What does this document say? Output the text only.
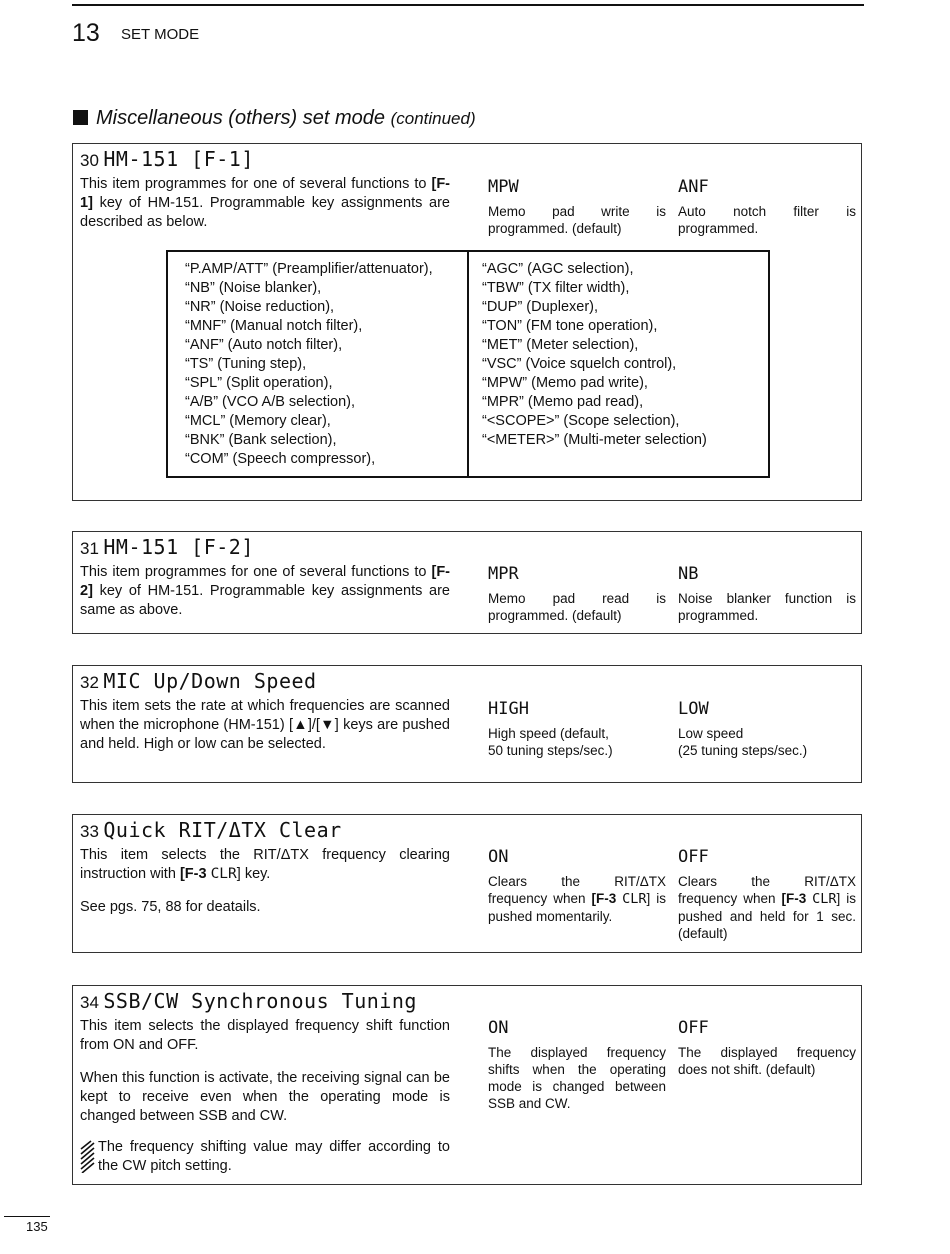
13 SET MODE
Miscellaneous (others) set mode (continued)
30 HM-151 [F-1]

This item programmes for one of several functions to [F-1] key of HM-151. Programmable key assignments are described as below.

MPW
Memo pad write is programmed. (default)
ANF
Auto notch filter is programmed.
“P.AMP/ATT” (Preamplifier/attenuator),
“NB” (Noise blanker),
“NR” (Noise reduction),
“MNF” (Manual notch filter),
“ANF” (Auto notch filter),
“TS” (Tuning step),
“SPL” (Split operation),
“A/B” (VCO A/B selection),
“MCL” (Memory clear),
“BNK” (Bank selection),
“COM” (Speech compressor),
“AGC” (AGC selection),
“TBW” (TX filter width),
“DUP” (Duplexer),
“TON” (FM tone operation),
“MET” (Meter selection),
“VSC” (Voice squelch control),
“MPW” (Memo pad write),
“MPR” (Memo pad read),
“<SCOPE>” (Scope selection),
“<METER>” (Multi-meter selection)
31 HM-151 [F-2]

This item programmes for one of several functions to [F-2] key of HM-151. Programmable key assignments are same as above.

MPR
Memo pad read is programmed. (default)
NB
Noise blanker function is programmed.
32 MIC Up/Down Speed

This item sets the rate at which frequencies are scanned when the microphone (HM-151) [▲]/[▼] keys are pushed and held. High or low can be selected.

HIGH
High speed (default,
50 tuning steps/sec.)
LOW
Low speed
(25 tuning steps/sec.)
33 Quick RIT/ΔTX Clear

This item selects the RIT/ΔTX frequency clearing instruction with [F-3 CLR] key.

See pgs. 75, 88 for deatails.

ON
Clears the RIT/ΔTX frequency when [F-3 CLR] is pushed momentarily.
OFF
Clears the RIT/ΔTX frequency when [F-3 CLR] is pushed and held for 1 sec. (default)
34 SSB/CW Synchronous Tuning

This item selects the displayed frequency shift function from ON and OFF.

When this function is activate, the receiving signal can be kept to receive even when the operating mode is changed between SSB and CW.

The frequency shifting value may differ according to the CW pitch setting.
ON
The displayed frequency shifts when the operating mode is changed between SSB and CW.
OFF
The displayed frequency does not shift. (default)
135
